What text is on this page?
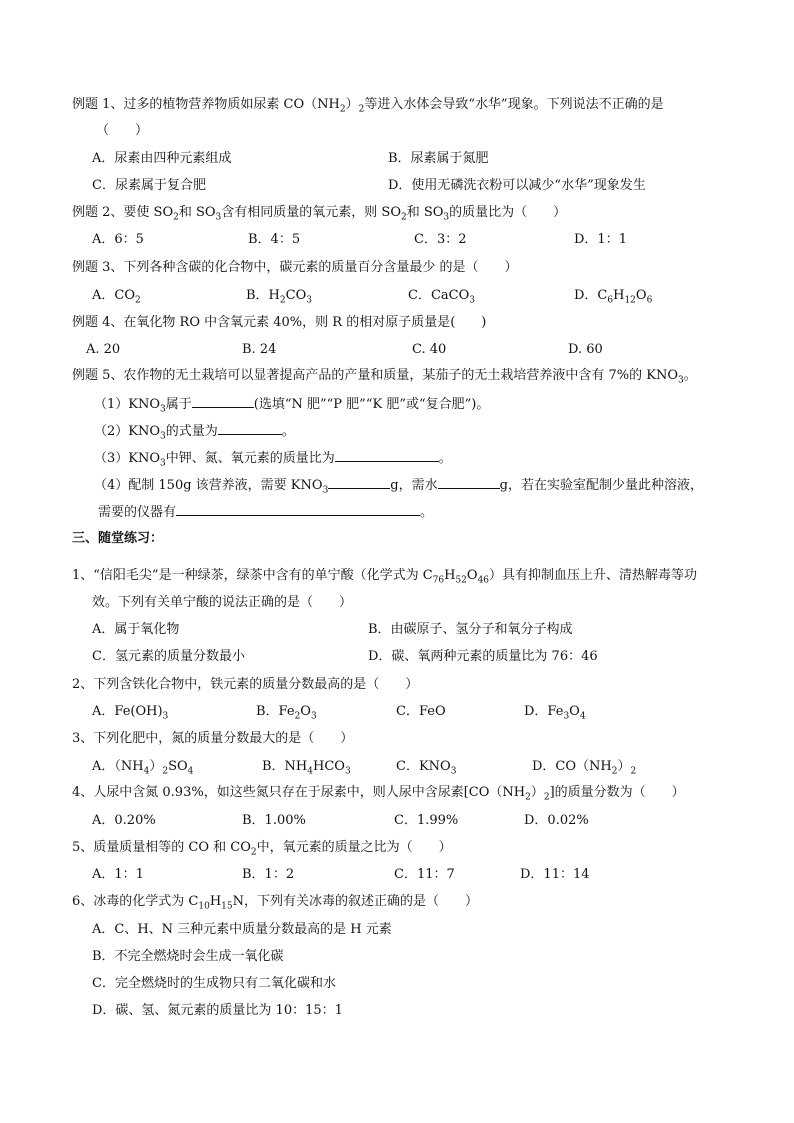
例题 1、过多的植物营养物质如尿素 $CO(NH_2)_2$等进入水体会导致“水华”现象。下列说法不正确的是
（　　）
A．尿素由四种元素组成	B．尿素属于氮肥
C．尿素属于复合肥	D．使用无磷洗衣粉可以减少“水华”现象发生
例题 2、要使 $SO_2$和 $SO_3$含有相同质量的氧元素，则 $SO_2$和 $SO_3$的质量比为（　　）
A．6：5	B．4：5	C．3：2	D．1：1
例题 3、下列各种含碳的化合物中，碳元素的质量百分含量最少 的是（　　）
A．$CO_2$	B．$H_2CO_3$	C．CaCO$_3$	D．$C_6H_{12}O_6$
例题 4、在氧化物 RO 中含氧元素 40%，则 R 的相对原子质量是(　　)
A. 20	B. 24	C. 40	D. 60
例题 5、农作物的无土栽培可以显著提高产品的产量和质量，某茄子的无土栽培营养液中含有 7%的 $KNO_3$。
$(1)KNO_3$属于	(选填“N 肥”“P 肥”“K 肥”或“复合肥”)。
$(2)KNO_3$的式量为	。
$(3)KNO_3$中钾、氮、氧元素的质量比为	。
（4）配制 150g 该营养液，需要 $KNO_3$	g，需水	g，若在实验室配制少量此种溶液，
需要的仪器有	。
三、随堂练习：
1、“信阳毛尖”是一种绿茶，绿茶中含有的单宁酸（化学式为 $C_{76}H_{52}O_{46}$）具有抑制血压上升、清热解毒等功
效。下列有关单宁酸的说法正确的是（　　）
A．属于氧化物	B．由碳原子、氢分子和氧分子构成
C．氢元素的质量分数最小	D．碳、氧两种元素的质量比为 76：46
2、下列含铁化合物中，铁元素的质量分数最高的是（　　）
A．$Fe(OH)_3$	B．$Fe_2O_3$	C．FeO	D．$Fe_3O_4$
3、下列化肥中，氮的质量分数最大的是（　　）
A．$(NH_4)_2SO_4$	B．$NH_4HCO_3$	C．$KNO_3$	D．$CO(NH_2)_2$
4、人尿中含氮 0.93%，如这些氮只存在于尿素中，则人尿中含尿素$[CO(NH_2)_2]$的质量分数为（　　）
A．0.20%	B．1.00%	C．1.99%	D．0.02%
5、质量质量相等的 CO 和 $CO_2$中，氧元素的质量之比为（　　）
A．1：1	B．1：2	C．11：7	D．11：14
6、冰毒的化学式为 $C_{10}H_{15}N$，下列有关冰毒的叙述正确的是（　　）
A．C、H、N 三种元素中质量分数最高的是 H 元素
B．不完全燃烧时会生成一氧化碳
C．完全燃烧时的生成物只有二氧化碳和水
D．碳、氢、氮元素的质量比为 10：15：1
